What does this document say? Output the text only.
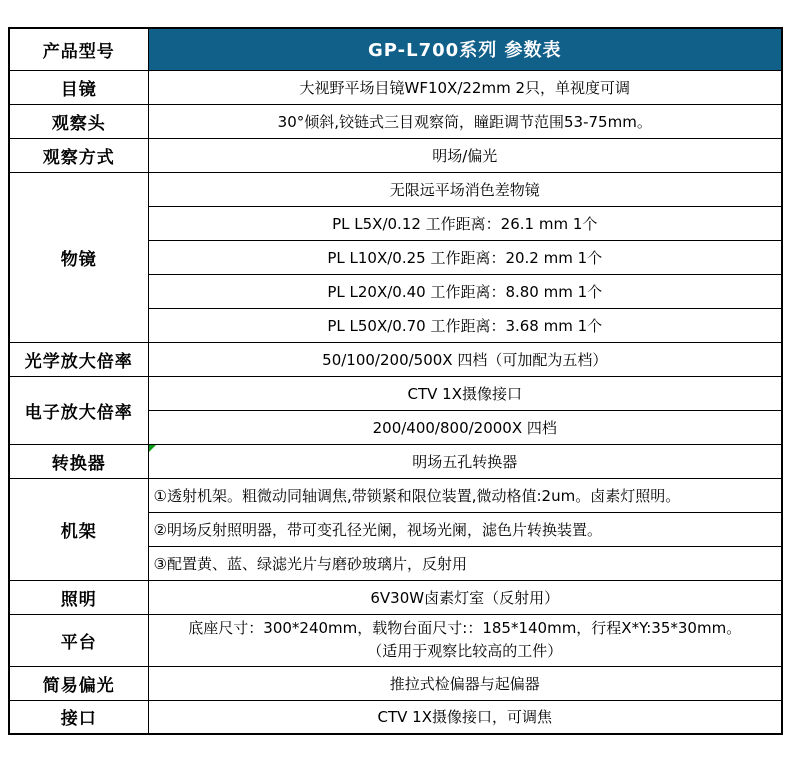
产品型号	GP-L700系列 参数表
目镜	大视野平场目镜WF10X/22mm 2只，单视度可调
观察头	30°倾斜,铰链式三目观察筒，瞳距调节范围53-75mm。
观察方式	明场/偏光
物镜	无限远平场消色差物镜
	PL L5X/0.12 工作距离：26.1 mm 1个
	PL L10X/0.25 工作距离：20.2 mm 1个
	PL L20X/0.40 工作距离：8.80 mm 1个
	PL L50X/0.70 工作距离：3.68 mm 1个
光学放大倍率	50/100/200/500X 四档（可加配为五档）
电子放大倍率	CTV 1X摄像接口
	200/400/800/2000X 四档
转换器	明场五孔转换器
机架	①透射机架。粗微动同轴调焦,带锁紧和限位装置,微动格值:2um。卤素灯照明。
	②明场反射照明器，带可变孔径光阑，视场光阑，滤色片转换装置。
	③配置黄、蓝、绿滤光片与磨砂玻璃片，反射用
照明	6V30W卤素灯室（反射用）
平台	底座尺寸：300*240mm，载物台面尺寸:：185*140mm，行程X*Y:35*30mm。
（适用于观察比较高的工件）

简易偏光	推拉式检偏器与起偏器
接口	CTV 1X摄像接口，可调焦
